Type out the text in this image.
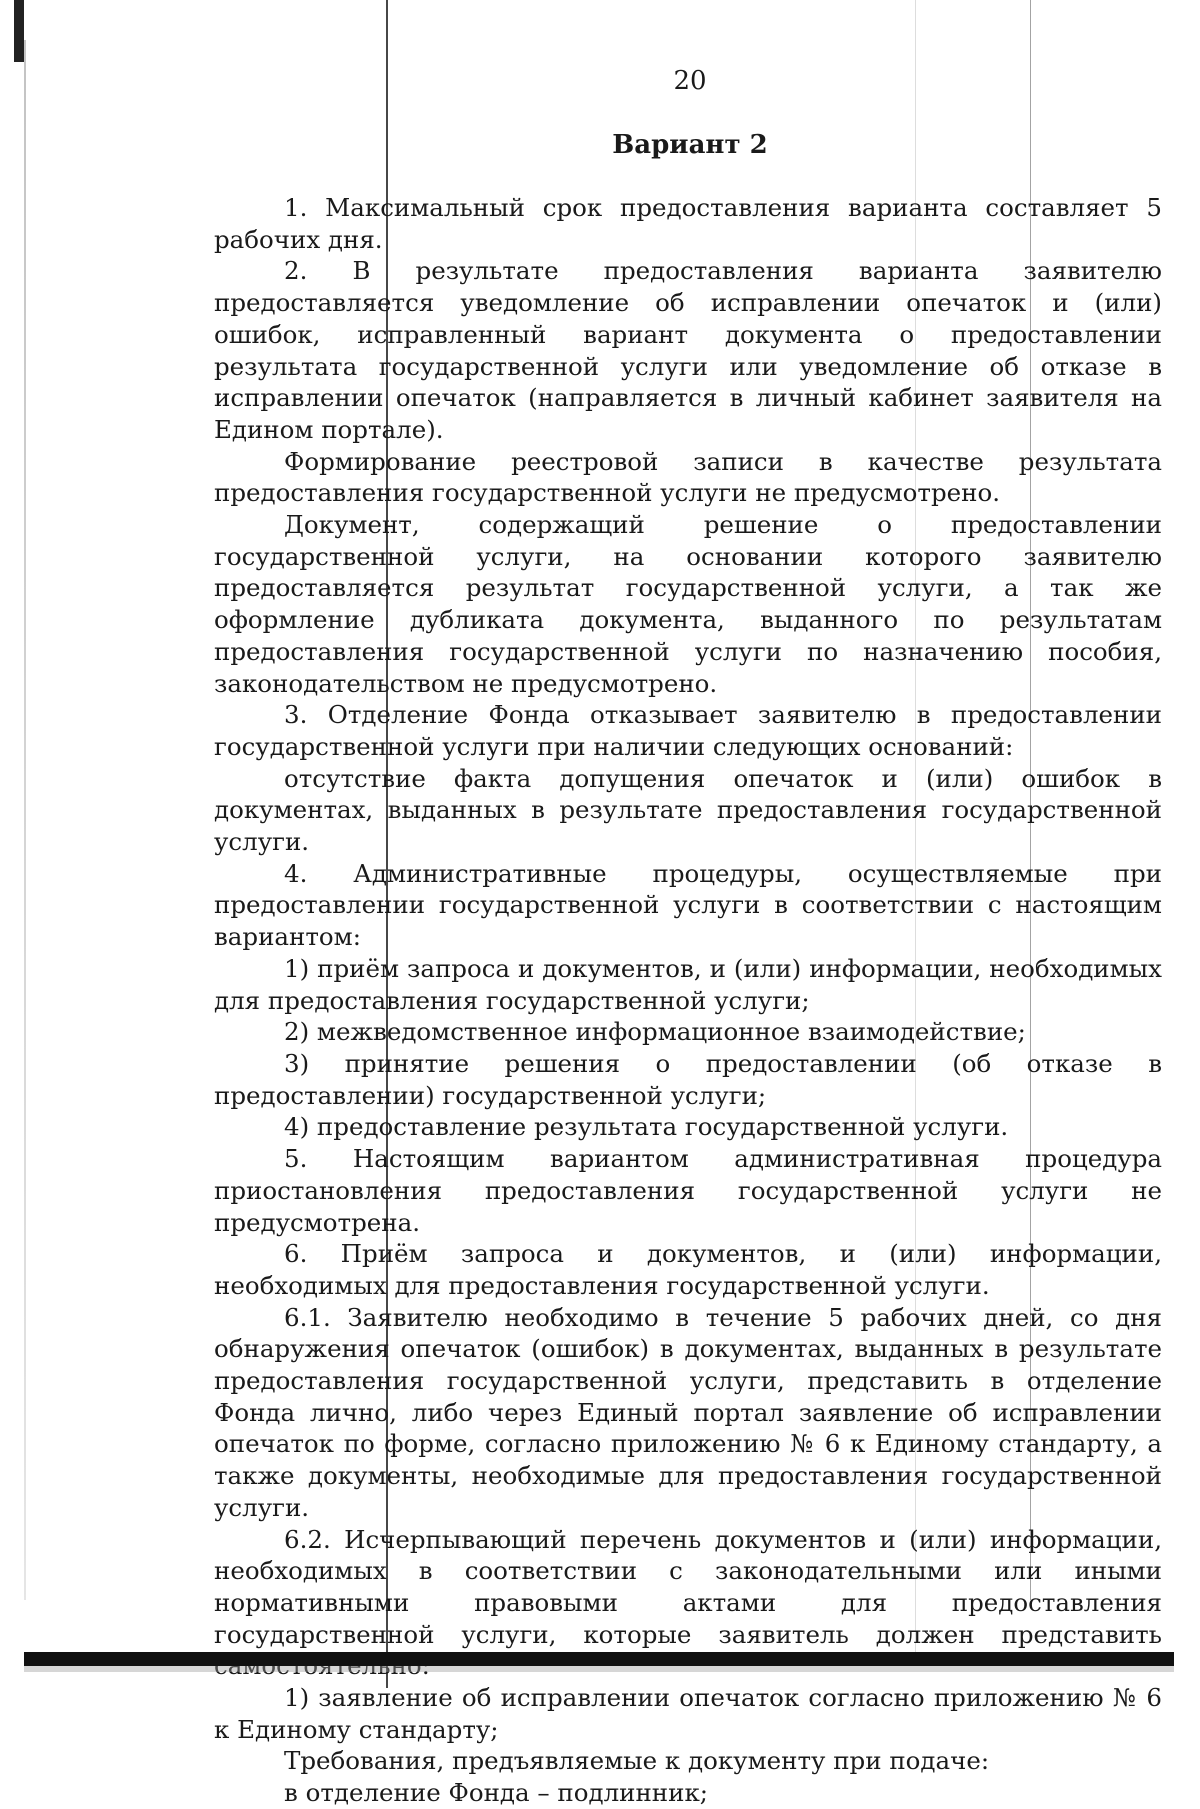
20
Вариант 2

1. Максимальный срок предоставления варианта составляет 5 рабочих дня.

2. В результате предоставления варианта заявителю предоставляется уведомление об исправлении опечаток и (или) ошибок, исправленный вариант документа о предоставлении результата государственной услуги или уведомление об отказе в исправлении опечаток (направляется в личный кабинет заявителя на Едином портале).

Формирование реестровой записи в качестве результата предоставления государственной услуги не предусмотрено.

Документ, содержащий решение о предоставлении государственной услуги, на основании которого заявителю предоставляется результат государственной услуги, а так же оформление дубликата документа, выданного по результатам предоставления государственной услуги по назначению пособия, законодательством не предусмотрено.

3. Отделение Фонда отказывает заявителю в предоставлении государственной услуги при наличии следующих оснований:

отсутствие факта допущения опечаток и (или) ошибок в документах, выданных в результате предоставления государственной услуги.

4. Административные процедуры, осуществляемые при предоставлении государственной услуги в соответствии с настоящим вариантом:

1) приём запроса и документов, и (или) информации, необходимых для предоставления государственной услуги;

2) межведомственное информационное взаимодействие;

3) принятие решения о предоставлении (об отказе в предоставлении) государственной услуги;

4) предоставление результата государственной услуги.

5. Настоящим вариантом административная процедура приостановления предоставления государственной услуги не предусмотрена.

6. Приём запроса и документов, и (или) информации, необходимых для предоставления государственной услуги.

6.1. Заявителю необходимо в течение 5 рабочих дней, со дня обнаружения опечаток (ошибок) в документах, выданных в результате предоставления государственной услуги, представить в отделение Фонда лично, либо через Единый портал заявление об исправлении опечаток по форме, согласно приложению № 6 к Единому стандарту, а также документы, необходимые для предоставления государственной услуги.

6.2. Исчерпывающий перечень документов и (или) информации, необходимых в соответствии с законодательными или иными нормативными правовыми актами для предоставления государственной услуги, которые заявитель должен представить

1) заявление об исправлении опечаток согласно приложению № 6 к Единому стандарту;

Требования, предъявляемые к документу при подаче:

в отделение Фонда – подлинник;
